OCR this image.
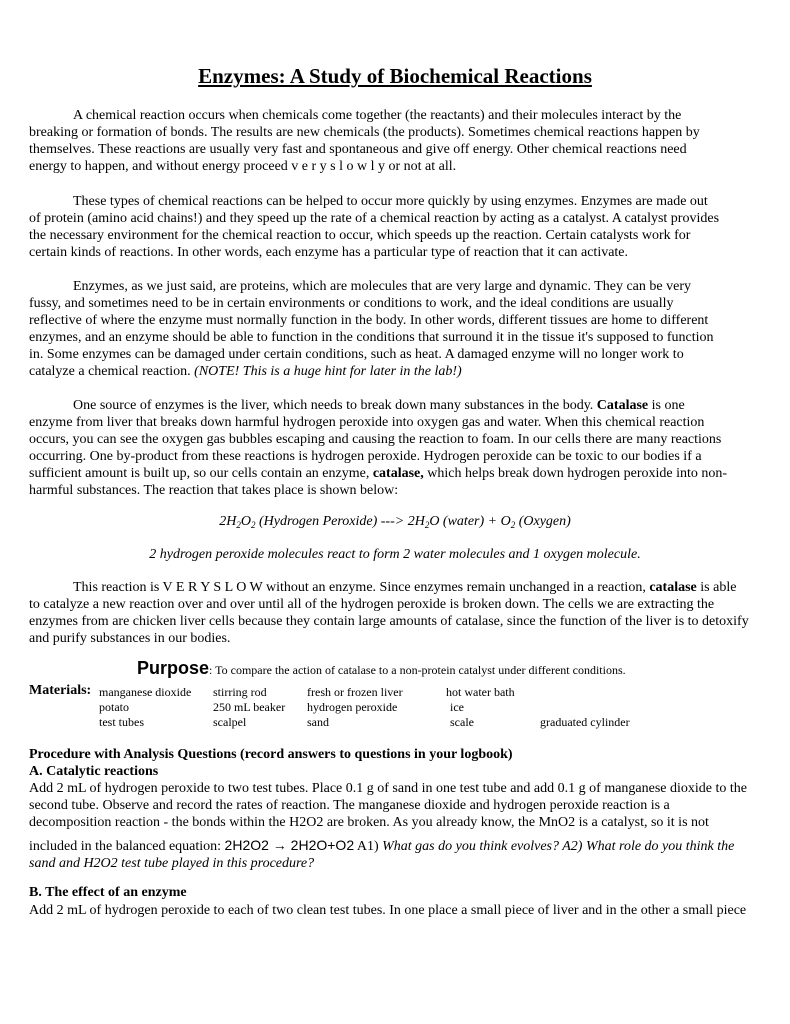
Enzymes: A Study of Biochemical Reactions
A chemical reaction occurs when chemicals come together (the reactants) and their molecules interact by the
breaking or formation of bonds. The results are new chemicals (the products). Sometimes chemical reactions happen by
themselves. These reactions are usually very fast and spontaneous and give off energy. Other chemical reactions need
energy to happen, and without energy proceed v e r y s l o w l y or not at all.
These types of chemical reactions can be helped to occur more quickly by using enzymes. Enzymes are made out
of protein (amino acid chains!) and they speed up the rate of a chemical reaction by acting as a catalyst. A catalyst provides
the necessary environment for the chemical reaction to occur, which speeds up the reaction. Certain catalysts work for
certain kinds of reactions. In other words, each enzyme has a particular type of reaction that it can activate.
Enzymes, as we just said, are proteins, which are molecules that are very large and dynamic. They can be very
fussy, and sometimes need to be in certain environments or conditions to work, and the ideal conditions are usually
reflective of where the enzyme must normally function in the body. In other words, different tissues are home to different
enzymes, and an enzyme should be able to function in the conditions that surround it in the tissue it's supposed to function
in. Some enzymes can be damaged under certain conditions, such as heat. A damaged enzyme will no longer work to
catalyze a chemical reaction. (NOTE! This is a huge hint for later in the lab!)
One source of enzymes is the liver, which needs to break down many substances in the body. Catalase is one
enzyme from liver that breaks down harmful hydrogen peroxide into oxygen gas and water. When this chemical reaction
occurs, you can see the oxygen gas bubbles escaping and causing the reaction to foam. In our cells there are many reactions
occurring. One by-product from these reactions is hydrogen peroxide. Hydrogen peroxide can be toxic to our bodies if a
sufficient amount is built up, so our cells contain an enzyme, catalase, which helps break down hydrogen peroxide into non-
harmful substances. The reaction that takes place is shown below:
$2H_2O_2$ (Hydrogen Peroxide) ---> $2H_2O$ (water) + $O_2$ (Oxygen)
2 hydrogen peroxide molecules react to form 2 water molecules and 1 oxygen molecule.
This reaction is V E R Y S L O W without an enzyme. Since enzymes remain unchanged in a reaction, catalase is able
to catalyze a new reaction over and over until all of the hydrogen peroxide is broken down. The cells we are extracting the
enzymes from are chicken liver cells because they contain large amounts of catalase, since the function of the liver is to detoxify
and purify substances in our bodies.
Purpose: To compare the action of catalase to a non-protein catalyst under different conditions.
Materials: manganese dioxide
potato
test tubes
stirring rod
250 mL beaker
scalpel
fresh or frozen liver
hydrogen peroxide
sand
hot water bath
ice
scale	graduated cylinder
Procedure with Analysis Questions (record answers to questions in your logbook)
A. Catalytic reactions
Add 2 mL of hydrogen peroxide to two test tubes. Place 0.1 g of sand in one test tube and add 0.1 g of manganese dioxide to the
second tube. Observe and record the rates of reaction. The manganese dioxide and hydrogen peroxide reaction is a
decomposition reaction - the bonds within the H2O2 are broken. As you already know, the MnO2 is a catalyst, so it is not
included in the balanced equation: 2H2O2 → 2H2O+O2 A1) What gas do you think evolves? A2) What role do you think the
sand and H2O2 test tube played in this procedure?
B. The effect of an enzyme
Add 2 mL of hydrogen peroxide to each of two clean test tubes. In one place a small piece of liver and in the other a small piece
